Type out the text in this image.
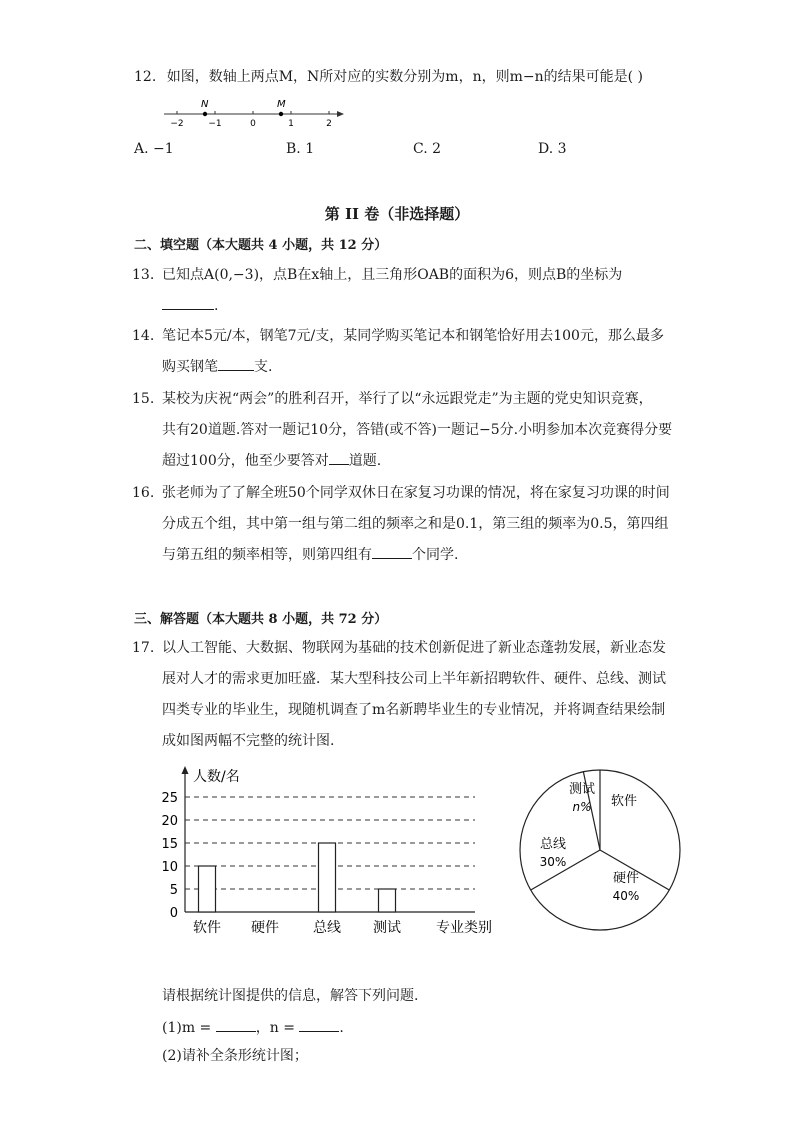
12. 如图，数轴上两点M，N所对应的实数分别为m，n，则m−n的结果可能是( )
−2	−1	0	1	2
N	M
A. −1	B. 1	C. 2	D. 3
第 II 卷（非选择题）
二、填空题（本大题共 4 小题，共 12 分）
13. 已知点A(0,−3)，点B在x轴上，且三角形OAB的面积为6，则点B的坐标为
.
14. 笔记本5元/本，钢笔7元/支，某同学购买笔记本和钢笔恰好用去100元，那么最多
购买钢笔	支.
15. 某校为庆祝“两会”的胜利召开，举行了以“永远跟党走”为主题的党史知识竞赛，
共有20道题.答对一题记10分，答错(或不答)一题记−5分.小明参加本次竞赛得分要
超过100分，他至少要答对 道题.
16. 张老师为了了解全班50个同学双休日在家复习功课的情况，将在家复习功课的时间
分成五个组，其中第一组与第二组的频率之和是0.1，第三组的频率为0.5，第四组
与第五组的频率相等，则第四组有	个同学.
三、解答题（本大题共 8 小题，共 72 分）
17. 以人工智能、大数据、物联网为基础的技术创新促进了新业态蓬勃发展，新业态发
展对人才的需求更加旺盛．某大型科技公司上半年新招聘软件、硬件、总线、测试
四类专业的毕业生，现随机调查了m名新聘毕业生的专业情况，并将调查结果绘制
成如图两幅不完整的统计图.
人数/名
0
5
10
15
20
25
软件 硬件 总线 测试	专业类别
软件
硬件
40%
总线
30%
测试
n%
请根据统计图提供的信息，解答下列问题.
(1)m =	，n =	.
(2)请补全条形统计图；
